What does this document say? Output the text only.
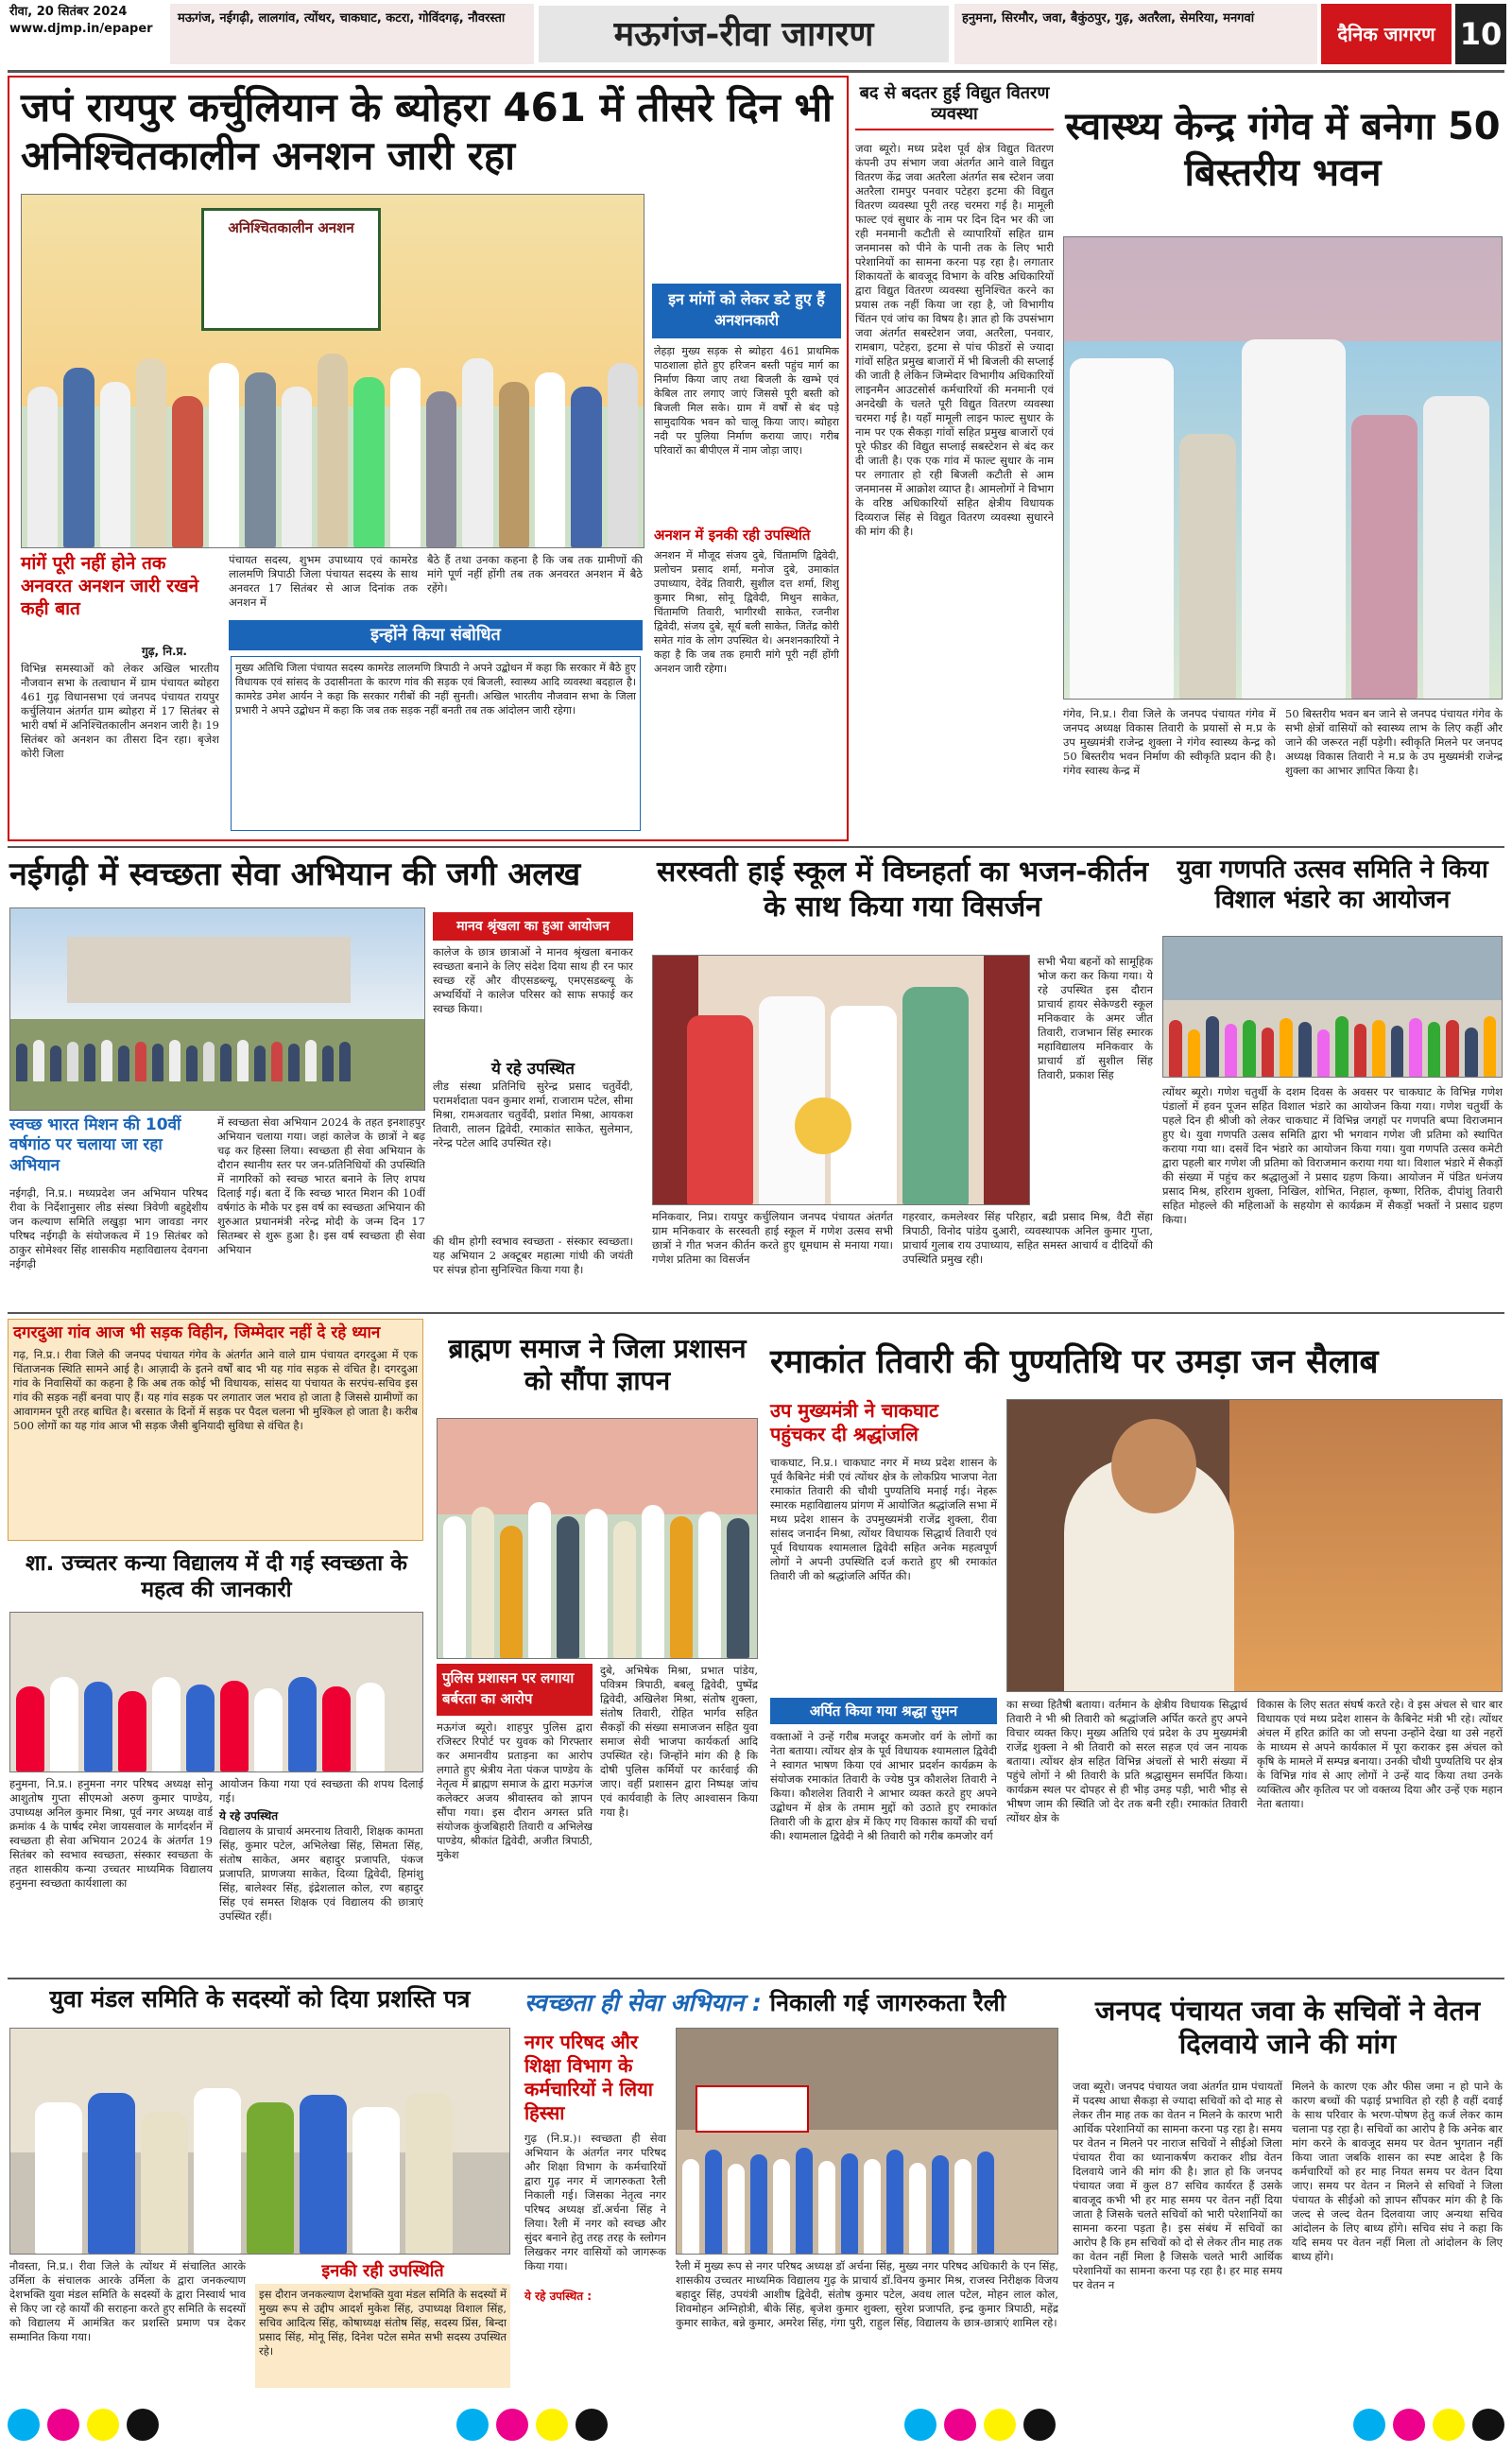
रीवा, 20 सितंबर 2024
www.djmp.in/epaper
मऊगंज, नईगढ़ी, लालगांव, त्योंथर, चाकघाट, कटरा, गोविंदगढ़, नौवरस्ता	मऊगंज-रीवा जागरण	हनुमना, सिरमौर, जवा, बैकुंठपुर, गुढ़, अतरैला, सेमरिया, मनगवां
दैनिक जागरण 10
जपं रायपुर कर्चुलियान के ब्योहरा 461 में तीसरे दिन भी अनिश्चितकालीन अनशन जारी रहा
अनिश्चितकालीन अनशन
इन मांगों को लेकर डटे हुए हैं अनशनकारी
लेहड़ा मुख्य सड़क से ब्योहरा 461 प्राथमिक पाठशाला होते हुए हरिजन बस्ती पहुंच मार्ग का निर्माण किया जाए तथा बिजली के खम्भे एवं केबिल तार लगाए जाएं जिससे पूरी बस्ती को बिजली मिल सके। ग्राम में वर्षों से बंद पड़े सामुदायिक भवन को चालू किया जाए। ब्योहरा नदी पर पुलिया निर्माण कराया जाए। गरीब परिवारों का बीपीएल में नाम जोड़ा जाए।
अनशन में इनकी रही उपस्थिति
अनशन में मौजूद संजय दुबे, चिंतामणि द्विवेदी, प्रलोचन प्रसाद शर्मा, मनोज दुबे, उमाकांत उपाध्याय, देवेंद्र तिवारी, सुशील दत्त शर्मा, शिशु कुमार मिश्रा, सोनू द्विवेदी, मिथुन साकेत, चिंतामणि तिवारी, भागीरथी साकेत, रजनीश द्विवेदी, संजय दुबे, सूर्य बली साकेत, जितेंद्र कोरी समेत गांव के लोग उपस्थित थे। अनशनकारियों ने कहा है कि जब तक हमारी मांगे पूरी नहीं होंगी अनशन जारी रहेगा।
मांगें पूरी नहीं होने तक अनवरत अनशन जारी रखने कही बात
गुढ़, नि.प्र.
विभिन्न समस्याओं को लेकर अखिल भारतीय नौजवान सभा के तत्वाधान में ग्राम पंचायत ब्योहरा 461 गुढ़ विधानसभा एवं जनपद पंचायत रायपुर कर्चुलियान अंतर्गत ग्राम ब्योहरा में 17 सितंबर से भारी वर्षा में अनिश्चितकालीन अनशन जारी है। 19 सितंबर को अनशन का तीसरा दिन रहा। बृजेश कोरी जिला
पंचायत सदस्य, शुभम उपाध्याय एवं कामरेड लालमणि त्रिपाठी जिला पंचायत सदस्य के साथ अनवरत 17 सितंबर से आज दिनांक तक अनशन में
बैठे हैं तथा उनका कहना है कि जब तक ग्रामीणों की मांगे पूर्ण नहीं होंगी तब तक अनवरत अनशन में बैठे रहेंगे।
इन्होंने किया संबोधित
मुख्य अतिथि जिला पंचायत सदस्य कामरेड लालमणि त्रिपाठी ने अपने उद्बोधन में कहा कि सरकार में बैठे हुए विधायक एवं सांसद के उदासीनता के कारण गांव की सड़क एवं बिजली, स्वास्थ्य आदि व्यवस्था बदहाल है। कामरेड उमेश आर्यन ने कहा कि सरकार गरीबों की नहीं सुनती। अखिल भारतीय नौजवान सभा के जिला प्रभारी ने अपने उद्बोधन में कहा कि जब तक सड़क नहीं बनती तब तक आंदोलन जारी रहेगा।
बद से बदतर हुई विद्युत वितरण व्यवस्था
जवा ब्यूरो। मध्य प्रदेश पूर्व क्षेत्र विद्युत वितरण कंपनी उप संभाग जवा अंतर्गत आने वाले विद्युत वितरण केंद्र जवा अतरैला अंतर्गत सब स्टेशन जवा अतरैला रामपुर पनवार पटेहरा इटमा की विद्युत वितरण व्यवस्था पूरी तरह चरमरा गई है। मामूली फाल्ट एवं सुधार के नाम पर दिन दिन भर की जा रही मनमानी कटौती से व्यापारियों सहित ग्राम जनमानस को पीने के पानी तक के लिए भारी परेशानियों का सामना करना पड़ रहा है। लगातार शिकायतों के बावजूद विभाग के वरिष्ठ अधिकारियों द्वारा विद्युत वितरण व्यवस्था सुनिश्चित करने का प्रयास तक नहीं किया जा रहा है, जो विभागीय चिंतन एवं जांच का विषय है। ज्ञात हो कि उपसंभाग जवा अंतर्गत सबस्टेशन जवा, अतरैला, पनवार, रामबाग, पटेहरा, इटमा से पांच फीडरों से ज्यादा गांवों सहित प्रमुख बाजारों में भी बिजली की सप्लाई की जाती है लेकिन जिम्मेदार विभागीय अधिकारियों लाइनमैन आउटसोर्स कर्मचारियों की मनमानी एवं अनदेखी के चलते पूरी विद्युत वितरण व्यवस्था चरमरा गई है। यहाँ मामूली लाइन फाल्ट सुधार के नाम पर एक सैकड़ा गांवों सहित प्रमुख बाजारों एवं पूरे फीडर की विद्युत सप्लाई सबस्टेशन से बंद कर दी जाती है। एक एक गांव में फाल्ट सुधार के नाम पर लगातार हो रही बिजली कटौती से आम जनमानस में आक्रोश व्याप्त है। आमलोगों ने विभाग के वरिष्ठ अधिकारियों सहित क्षेत्रीय विधायक दिव्यराज सिंह से विद्युत वितरण व्यवस्था सुधारने की मांग की है।
स्वास्थ्य केन्द्र गंगेव में बनेगा 50 बिस्तरीय भवन
गंगेव, नि.प्र.। रीवा जिले के जनपद पंचायत गंगेव में जनपद अध्यक्ष विकास तिवारी के प्रयासों से म.प्र के उप मुख्यमंत्री राजेन्द्र शुक्ला ने गंगेव स्वास्थ्य केन्द्र को 50 बिस्तरीय भवन निर्माण की स्वीकृति प्रदान की है। गंगेव स्वास्थ केन्द्र में
50 बिस्तरीय भवन बन जाने से जनपद पंचायत गंगेव के सभी क्षेत्रों वासियों को स्वास्थ्य लाभ के लिए कहीं और जाने की जरूरत नहीं पड़ेगी। स्वीकृति मिलने पर जनपद अध्यक्ष विकास तिवारी ने म.प्र के उप मुख्यमंत्री राजेन्द्र शुक्ला का आभार ज्ञापित किया है।
नईगढ़ी में स्वच्छता सेवा अभियान की जगी अलख
मानव श्रृंखला का हुआ आयोजन
कालेज के छात्र छात्राओं ने मानव श्रृंखला बनाकर स्वच्छता बनाने के लिए संदेश दिया साथ ही रन फार स्वच्छ रहें और वीएसडब्ल्यू, एमएसडब्ल्यू के अभ्यर्थियों ने कालेज परिसर को साफ सफाई कर स्वच्छ किया।
ये रहे उपस्थित
लीड संस्था प्रतिनिधि सुरेन्द्र प्रसाद चतुर्वेदी, परामर्शदाता पवन कुमार शर्मा, राजाराम पटेल, सीमा मिश्रा, रामअवतार चतुर्वेदी, प्रशांत मिश्रा, आयकश तिवारी, लालन द्विवेदी, रमाकांत साकेत, सुलेमान, नरेन्द्र पटेल आदि उपस्थित रहे।
स्वच्छ भारत मिशन की 10वीं वर्षगांठ पर चलाया जा रहा अभियान
नईगढ़ी, नि.प्र.। मध्यप्रदेश जन अभियान परिषद रीवा के निर्देशानुसार लीड संस्था त्रिवेणी बहुद्देशीय जन कल्याण समिति लखुड़ा भाग जावडा नगर परिषद नईगढ़ी के संयोजकत्व में 19 सितंबर को ठाकुर सोमेश्वर सिंह शासकीय महाविद्यालय देवगना नईगढ़ी
में स्वच्छता सेवा अभियान 2024 के तहत इनशाहपुर अभियान चलाया गया। जहां कालेज के छात्रों ने बढ़ चढ़ कर हिस्सा लिया। स्वच्छता ही सेवा अभियान के दौरान स्थानीय स्तर पर जन-प्रतिनिधियों की उपस्थिति में नागरिकों को स्वच्छ भारत बनाने के लिए शपथ दिलाई गई। बता दें कि स्वच्छ भारत मिशन की 10वीं वर्षगांठ के मौके पर इस वर्ष का स्वच्छता अभियान की शुरुआत प्रधानमंत्री नरेन्द्र मोदी के जन्म दिन 17 सितम्बर से शुरू हुआ है। इस वर्ष स्वच्छता ही सेवा अभियान
की थीम होगी स्वभाव स्वच्छता - संस्कार स्वच्छता। यह अभियान 2 अक्टूबर महात्मा गांधी की जयंती पर संपन्न होना सुनिश्चित किया गया है।
सरस्वती हाई स्कूल में विघ्नहर्ता का भजन-कीर्तन के साथ किया गया विसर्जन
सभी भैया बहनों को सामूहिक भोज करा कर किया गया। ये रहे उपस्थित इस दौरान प्राचार्य हायर सेकेण्डरी स्कूल मनिकवार के अमर जीत तिवारी, राजभान सिंह स्मारक महाविद्यालय मनिकवार के प्राचार्य डॉ सुशील सिंह तिवारी, प्रकाश सिंह
मनिकवार, निप्र। रायपुर कर्चुलियान जनपद पंचायत अंतर्गत ग्राम मनिकवार के सरस्वती हाई स्कूल में गणेश उत्सव सभी छात्रों ने गीत भजन कीर्तन करते हुए धूमधाम से मनाया गया। गणेश प्रतिमा का विसर्जन
गहरवार, कमलेश्वर सिंह परिहार, बद्री प्रसाद मिश्र, वैटी सेंहा त्रिपाठी, विनोद पांडेय दुआरी, व्यवस्थापक अनिल कुमार गुप्ता, प्राचार्य गुलाब राय उपाध्याय, सहित समस्त आचार्य व दीदियों की उपस्थिति प्रमुख रही।
युवा गणपति उत्सव समिति ने किया विशाल भंडारे का आयोजन
त्योंथर ब्यूरो। गणेश चतुर्थी के दशम दिवस के अवसर पर चाकघाट के विभिन्न गणेश पंडालों में हवन पूजन सहित विशाल भंडारे का आयोजन किया गया। गणेश चतुर्थी के पहले दिन ही श्रीजी को लेकर चाकघाट में विभिन्न जगहों पर गणपति बप्पा विराजमान हुए थे। युवा गणपति उत्सव समिति द्वारा भी भगवान गणेश जी प्रतिमा को स्थापित कराया गया था। दसवें दिन भंडारे का आयोजन किया गया। युवा गणपति उत्सव कमेटी द्वारा पहली बार गणेश जी प्रतिमा को विराजमान कराया गया था। विशाल भंडारे में सैकड़ों की संख्या में पहुंच कर श्रद्धालुओं ने प्रसाद ग्रहण किया। आयोजन में पंडित धनंजय प्रसाद मिश्र, हरिराम शुक्ला, निखिल, शोभित, निहाल, कृष्णा, रितिक, दीपांशु तिवारी सहित मोहल्ले की महिलाओं के सहयोग से कार्यक्रम में सैकड़ों भक्तों ने प्रसाद ग्रहण किया।
दगरदुआ गांव आज भी सड़क विहीन, जिम्मेदार नहीं दे रहे ध्यान
गढ़, नि.प्र.। रीवा जिले की जनपद पंचायत गंगेव के अंतर्गत आने वाले ग्राम पंचायत दगरदुआ में एक चिंताजनक स्थिति सामने आई है। आज़ादी के इतने वर्षों बाद भी यह गांव सड़क से वंचित है। दगरदुआ गांव के निवासियों का कहना है कि अब तक कोई भी विधायक, सांसद या पंचायत के सरपंच-सचिव इस गांव की सड़क नहीं बनवा पाए हैं। यह गांव सड़क पर लगातार जल भराव हो जाता है जिससे ग्रामीणों का आवागमन पूरी तरह बाधित है। बरसात के दिनों में सड़क पर पैदल चलना भी मुश्किल हो जाता है। करीब 500 लोगों का यह गांव आज भी सड़क जैसी बुनियादी सुविधा से वंचित है।
शा. उच्चतर कन्या विद्यालय में दी गई स्वच्छता के महत्व की जानकारी
हनुमना, नि.प्र.। हनुमना नगर परिषद अध्यक्ष सोनू आशुतोष गुप्ता सीएमओ अरुण कुमार पाण्डेय, उपाध्यक्ष अनिल कुमार मिश्रा, पूर्व नगर अध्यक्ष वार्ड क्रमांक 4 के पार्षद रमेश जायसवाल के मार्गदर्शन में स्वच्छता ही सेवा अभियान 2024 के अंतर्गत 19 सितंबर को स्वभाव स्वच्छता, संस्कार स्वच्छता के तहत शासकीय कन्या उच्चतर माध्यमिक विद्यालय हनुमना स्वच्छता कार्यशाला का
आयोजन किया गया एवं स्वच्छता की शपथ दिलाई गई।
ये रहे उपस्थित
विद्यालय के प्राचार्य अमरनाथ तिवारी, शिक्षक कामता सिंह, कुमार पटेल, अभिलेखा सिंह, सिमता सिंह, संतोष साकेत, अमर बहादुर प्रजापति, पंकज प्रजापति, प्राणजया साकेत, दिव्या द्विवेदी, हिमांशु सिंह, बालेश्वर सिंह, इंद्रेशलाल कोल, रण बहादुर सिंह एवं समस्त शिक्षक एवं विद्यालय की छात्राएं उपस्थित रहीं।
ब्राह्मण समाज ने जिला प्रशासन को सौंपा ज्ञापन
पुलिस प्रशासन पर लगाया बर्बरता का आरोप
मऊगंज ब्यूरो। शाहपुर पुलिस द्वारा रजिस्टर रिपोर्ट पर युवक को गिरफ्तार कर अमानवीय प्रताड़ना का आरोप लगाते हुए श्रेत्रीय नेता पंकज पाण्डेय के नेतृत्व में ब्राह्मण समाज के द्वारा मऊगंज कलेक्टर अजय श्रीवास्तव को ज्ञापन सौंपा गया। इस दौरान अगस्त प्रति संयोजक कुंजबिहारी तिवारी व अभिलेख पाण्डेय, श्रीकांत द्विवेदी, अजीत त्रिपाठी, मुकेश
दुबे, अभिषेक मिश्रा, प्रभात पांडेय, पवित्रम त्रिपाठी, बबलू द्विवेदी, पुष्पेंद्र द्विवेदी, अखिलेश मिश्रा, संतोष शुक्ला, संतोष तिवारी, रोहित भार्गव सहित सैकड़ों की संख्या समाजजन सहित युवा समाज सेवी भाजपा कार्यकर्ता आदि उपस्थित रहे। जिन्होंने मांग की है कि दोषी पुलिस कर्मियों पर कार्रवाई की जाए। वहीं प्रशासन द्वारा निष्पक्ष जांच एवं कार्यवाही के लिए आश्वासन किया गया है।
रमाकांत तिवारी की पुण्यतिथि पर उमड़ा जन सैलाब
उप मुख्यमंत्री ने चाकघाट पहुंचकर दी श्रद्धांजलि
चाकघाट, नि.प्र.। चाकघाट नगर में मध्य प्रदेश शासन के पूर्व कैबिनेट मंत्री एवं त्योंथर क्षेत्र के लोकप्रिय भाजपा नेता रमाकांत तिवारी की चौथी पुण्यतिथि मनाई गई। नेहरू स्मारक महाविद्यालय प्रांगण में आयोजित श्रद्धांजलि सभा में मध्य प्रदेश शासन के उपमुख्यमंत्री राजेंद्र शुक्ला, रीवा सांसद जनार्दन मिश्रा, त्योंथर विधायक सिद्धार्थ तिवारी एवं पूर्व विधायक श्यामलाल द्विवेदी सहित अनेक महत्वपूर्ण लोगों ने अपनी उपस्थिति दर्ज कराते हुए श्री रमाकांत तिवारी जी को श्रद्धांजलि अर्पित की।
अर्पित किया गया श्रद्धा सुमन
वक्ताओं ने उन्हें गरीब मजदूर कमजोर वर्ग के लोगों का नेता बताया। त्योंथर क्षेत्र के पूर्व विधायक श्यामलाल द्विवेदी ने स्वागत भाषण किया एवं आभार प्रदर्शन कार्यक्रम के संयोजक रमाकांत तिवारी के ज्येष्ठ पुत्र कौशलेश तिवारी ने किया। कौशलेश तिवारी ने आभार व्यक्त करते हुए अपने उद्बोधन में क्षेत्र के तमाम मुद्दों को उठाते हुए रमाकांत तिवारी जी के द्वारा क्षेत्र में किए गए विकास कार्यों की चर्चा की। श्यामलाल द्विवेदी ने श्री तिवारी को गरीब कमजोर वर्ग
का सच्चा हितैषी बताया। वर्तमान के क्षेत्रीय विधायक सिद्धार्थ तिवारी ने भी श्री तिवारी को श्रद्धांजलि अर्पित करते हुए अपने विचार व्यक्त किए। मुख्य अतिथि एवं प्रदेश के उप मुख्यमंत्री राजेंद्र शुक्ला ने श्री तिवारी को सरल सहज एवं जन नायक बताया। त्योंथर क्षेत्र सहित विभिन्न अंचलों से भारी संख्या में पहुंचे लोगों ने श्री तिवारी के प्रति श्रद्धासुमन समर्पित किया। कार्यक्रम स्थल पर दोपहर से ही भीड़ उमड़ पड़ी, भारी भीड़ से भीषण जाम की स्थिति जो देर तक बनी रही। रमाकांत तिवारी त्योंथर क्षेत्र के
विकास के लिए सतत संघर्ष करते रहे। वे इस अंचल से चार बार विधायक एवं मध्य प्रदेश शासन के कैबिनेट मंत्री भी रहे। त्योंथर अंचल में हरित क्रांति का जो सपना उन्होंने देखा था उसे नहरों के माध्यम से अपने कार्यकाल में पूरा कराकर इस अंचल को कृषि के मामले में सम्पन्न बनाया। उनकी चौथी पुण्यतिथि पर क्षेत्र के विभिन्न गांव से आए लोगों ने उन्हें याद किया तथा उनके व्यक्तित्व और कृतित्व पर जो वक्तव्य दिया और उन्हें एक महान नेता बताया।
युवा मंडल समिति के सदस्यों को दिया प्रशस्ति पत्र
नौवस्ता, नि.प्र.। रीवा जिले के त्योंथर में संचालित आरके उर्मिला के संचालक आरके उर्मिला के द्वारा जनकल्याण देशभक्ति युवा मंडल समिति के सदस्यों के द्वारा निस्वार्थ भाव से किए जा रहे कार्यों की सराहना करते हुए समिति के सदस्यों को विद्यालय में आमंत्रित कर प्रशस्ति प्रमाण पत्र देकर सम्मानित किया गया।
इनकी रही उपस्थिति
इस दौरान जनकल्याण देशभक्ति युवा मंडल समिति के सदस्यों में मुख्य रूप से उद्दीप आदर्श मुकेश सिंह, उपाध्यक्ष विशाल सिंह, सचिव आदित्य सिंह, कोषाध्यक्ष संतोष सिंह, सदस्य प्रिंस, बिन्दा प्रसाद सिंह, मोनू सिंह, दिनेश पटेल समेत सभी सदस्य उपस्थित रहे।
स्वच्छता ही सेवा अभियान : निकाली गई जागरुकता रैली
नगर परिषद और शिक्षा विभाग के कर्मचारियों ने लिया हिस्सा
गुढ़ (नि.प्र.)। स्वच्छता ही सेवा अभियान के अंतर्गत नगर परिषद और शिक्षा विभाग के कर्मचारियों द्वारा गुढ़ नगर में जागरुकता रैली निकाली गई। जिसका नेतृत्व नगर परिषद अध्यक्ष डॉ.अर्चना सिंह ने लिया। रैली में नगर को स्वच्छ और सुंदर बनाने हेतु तरह तरह के स्लोगन लिखकर नगर वासियों को जागरूक किया गया।
ये रहे उपस्थित :
रैली में मुख्य रूप से नगर परिषद अध्यक्ष डॉ अर्चना सिंह, मुख्य नगर परिषद अधिकारी के एन सिंह, शासकीय उच्चतर माध्यमिक विद्यालय गुढ़ के प्राचार्य डॉ.विनय कुमार मिश्र, राजस्व निरीक्षक विजय बहादुर सिंह, उपयंत्री आशीष द्विवेदी, संतोष कुमार पटेल, अवध लाल पटेल, मोहन लाल कोल, शिवमोहन अग्निहोत्री, बीके सिंह, बृजेश कुमार शुक्ला, सुरेश प्रजापति, इन्द्र कुमार त्रिपाठी, महेंद्र कुमार साकेत, बन्ने कुमार, अमरेश सिंह, गंगा पुरी, राहुल सिंह, विद्यालय के छात्र-छात्राएं शामिल रहे।
जनपद पंचायत जवा के सचिवों ने वेतन दिलवाये जाने की मांग
जवा ब्यूरो। जनपद पंचायत जवा अंतर्गत ग्राम पंचायतों में पदस्थ आधा सैकड़ा से ज्यादा सचिवों को दो माह से लेकर तीन माह तक का वेतन न मिलने के कारण भारी आर्थिक परेशानियों का सामना करना पड़ रहा है। समय पर वेतन न मिलने पर नाराज सचिवों ने सीईओ जिला पंचायत रीवा का ध्यानाकर्षण कराकर शीघ्र वेतन दिलवाये जाने की मांग की है। ज्ञात हो कि जनपद पंचायत जवा में कुल 87 सचिव कार्यरत हैं उसके बावजूद कभी भी हर माह समय पर वेतन नहीं दिया जाता है जिसके चलते सचिवों को भारी परेशानियों का सामना करना पड़ता है। इस संबंध में सचिवों का आरोप है कि हम सचिवों को दो से लेकर तीन माह तक का वेतन नहीं मिला है जिसके चलते भारी आर्थिक परेशानियों का सामना करना पड़ रहा है। हर माह समय पर वेतन न
मिलने के कारण एक और फीस जमा न हो पाने के कारण बच्चों की पढ़ाई प्रभावित हो रही है वहीं दवाई के साथ परिवार के भरण-पोषण हेतु कर्ज लेकर काम चलाना पड़ रहा है। सचिवों का आरोप है कि अनेक बार मांग करने के बावजूद समय पर वेतन भुगतान नहीं किया जाता जबकि शासन का स्पष्ट आदेश है कि कर्मचारियों को हर माह नियत समय पर वेतन दिया जाए। समय पर वेतन न मिलने से सचिवों ने जिला पंचायत के सीईओ को ज्ञापन सौंपकर मांग की है कि जल्द से जल्द वेतन दिलवाया जाए अन्यथा सचिव आंदोलन के लिए बाध्य होंगे। सचिव संघ ने कहा कि यदि समय पर वेतन नहीं मिला तो आंदोलन के लिए बाध्य होंगे।
